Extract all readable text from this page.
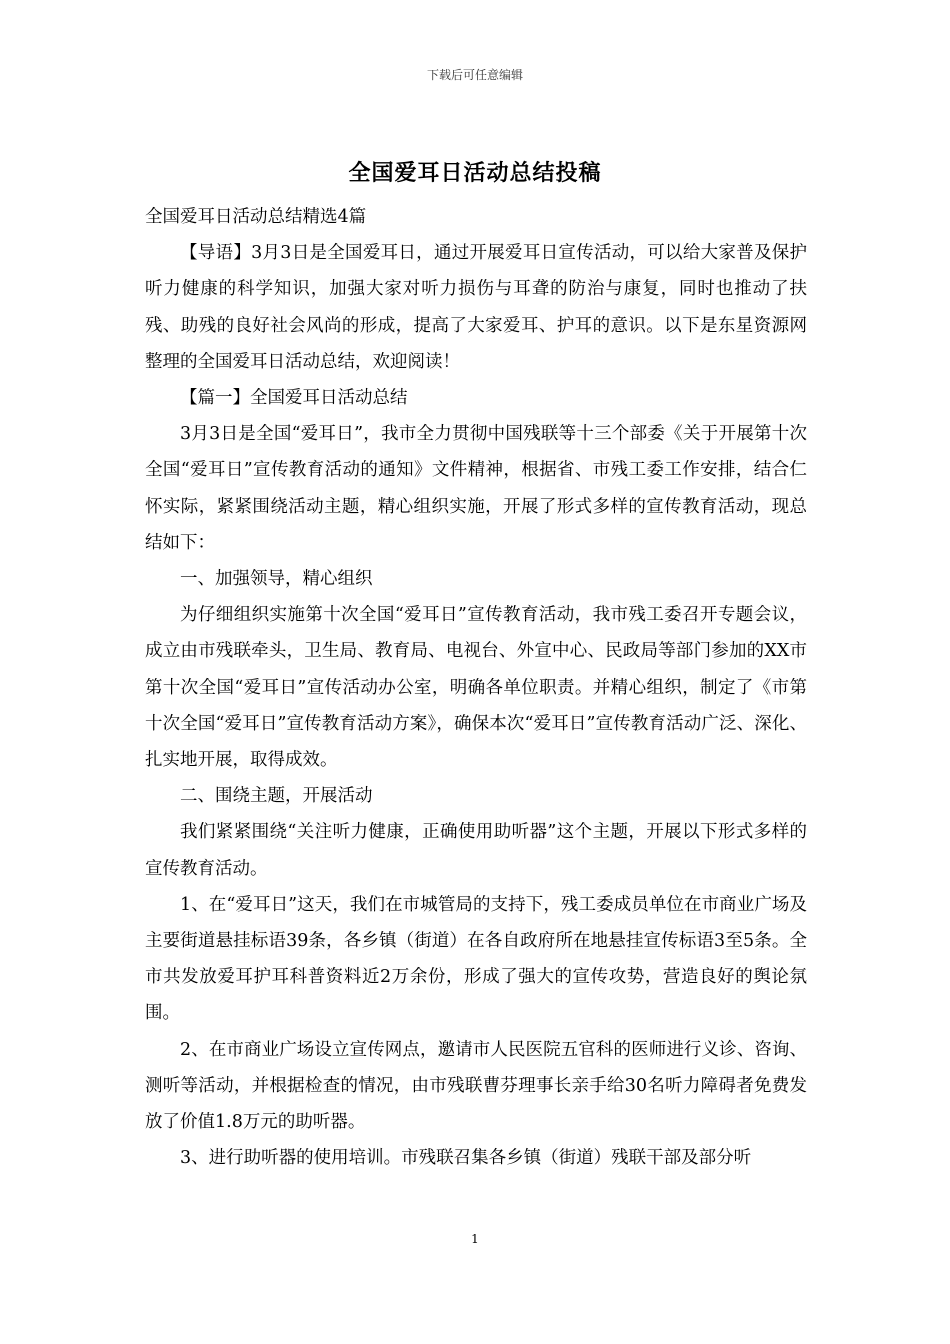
下载后可任意编辑
全国爱耳日活动总结投稿

全国爱耳日活动总结精选4篇

【导语】3月3日是全国爱耳日，通过开展爱耳日宣传活动，可以给大家普及保护听力健康的科学知识，加强大家对听力损伤与耳聋的防治与康复，同时也推动了扶残、助残的良好社会风尚的形成，提高了大家爱耳、护耳的意识。以下是东星资源网整理的全国爱耳日活动总结，欢迎阅读！

【篇一】全国爱耳日活动总结

3月3日是全国“爱耳日”，我市全力贯彻中国残联等十三个部委《关于开展第十次全国“爱耳日”宣传教育活动的通知》文件精神，根据省、市残工委工作安排，结合仁怀实际，紧紧围绕活动主题，精心组织实施，开展了形式多样的宣传教育活动，现总结如下：

一、加强领导，精心组织

为仔细组织实施第十次全国“爱耳日”宣传教育活动，我市残工委召开专题会议，成立由市残联牵头，卫生局、教育局、电视台、外宣中心、民政局等部门参加的XX市第十次全国“爱耳日”宣传活动办公室，明确各单位职责。并精心组织，制定了《市第十次全国“爱耳日”宣传教育活动方案》，确保本次“爱耳日”宣传教育活动广泛、深化、扎实地开展，取得成效。

二、围绕主题，开展活动

我们紧紧围绕“关注听力健康，正确使用助听器”这个主题，开展以下形式多样的宣传教育活动。

1、在“爱耳日”这天，我们在市城管局的支持下，残工委成员单位在市商业广场及主要街道悬挂标语39条，各乡镇（街道）在各自政府所在地悬挂宣传标语3至5条。全市共发放爱耳护耳科普资料近2万余份，形成了强大的宣传攻势，营造良好的舆论氛围。

2、在市商业广场设立宣传网点，邀请市人民医院五官科的医师进行义诊、咨询、测听等活动，并根据检查的情况，由市残联曹芬理事长亲手给30名听力障碍者免费发放了价值1.8万元的助听器。

3、进行助听器的使用培训。市残联召集各乡镇（街道）残联干部及部分听

1
